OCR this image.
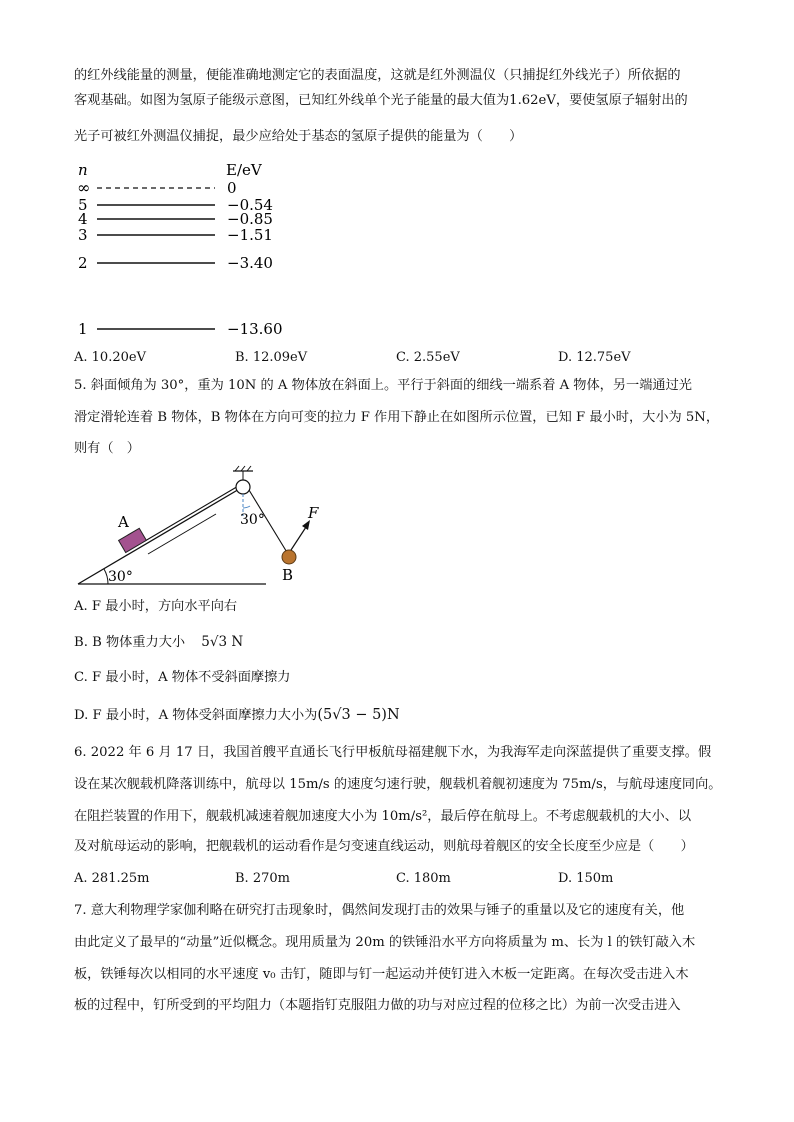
的红外线能量的测量，便能准确地测定它的表面温度，这就是红外测温仪（只捕捉红外线光子）所依据的
客观基础。如图为氢原子能级示意图，已知红外线单个光子能量的最大值为1.62eV，要使氢原子辐射出的
光子可被红外测温仪捕捉，最少应给处于基态的氢原子提供的能量为（　　）
n	E/eV
∞	0
5	−0.54
4	−0.85
3	−1.51
2	−3.40
1	−13.60
A. 10.20eV	B. 12.09eV	C. 2.55eV	D. 12.75eV
5. 斜面倾角为 30°，重为 10N 的 A 物体放在斜面上。平行于斜面的细线一端系着 A 物体，另一端通过光
滑定滑轮连着 B 物体，B 物体在方向可变的拉力 F 作用下静止在如图所示位置，已知 F 最小时，大小为 5N，
则有（　）
30°
A	30°
B
F
A. F 最小时，方向水平向右
B. B 物体重力大小 5√3 N
C. F 最小时，A 物体不受斜面摩擦力
D. F 最小时，A 物体受斜面摩擦力大小为(5√3 − 5)N
6. 2022 年 6 月 17 日，我国首艘平直通长飞行甲板航母福建舰下水，为我海军走向深蓝提供了重要支撑。假
设在某次舰载机降落训练中，航母以 15m/s 的速度匀速行驶，舰载机着舰初速度为 75m/s，与航母速度同向。
在阻拦装置的作用下，舰载机减速着舰加速度大小为 10m/s²，最后停在航母上。不考虑舰载机的大小、以
及对航母运动的影响，把舰载机的运动看作是匀变速直线运动，则航母着舰区的安全长度至少应是（　　）
A. 281.25m	B. 270m	C. 180m	D. 150m
7. 意大利物理学家伽利略在研究打击现象时，偶然间发现打击的效果与锤子的重量以及它的速度有关，他
由此定义了最早的“动量”近似概念。现用质量为 20m 的铁锤沿水平方向将质量为 m、长为 l 的铁钉敲入木
板，铁锤每次以相同的水平速度 v₀ 击钉，随即与钉一起运动并使钉进入木板一定距离。在每次受击进入木
板的过程中，钉所受到的平均阻力（本题指钉克服阻力做的功与对应过程的位移之比）为前一次受击进入
